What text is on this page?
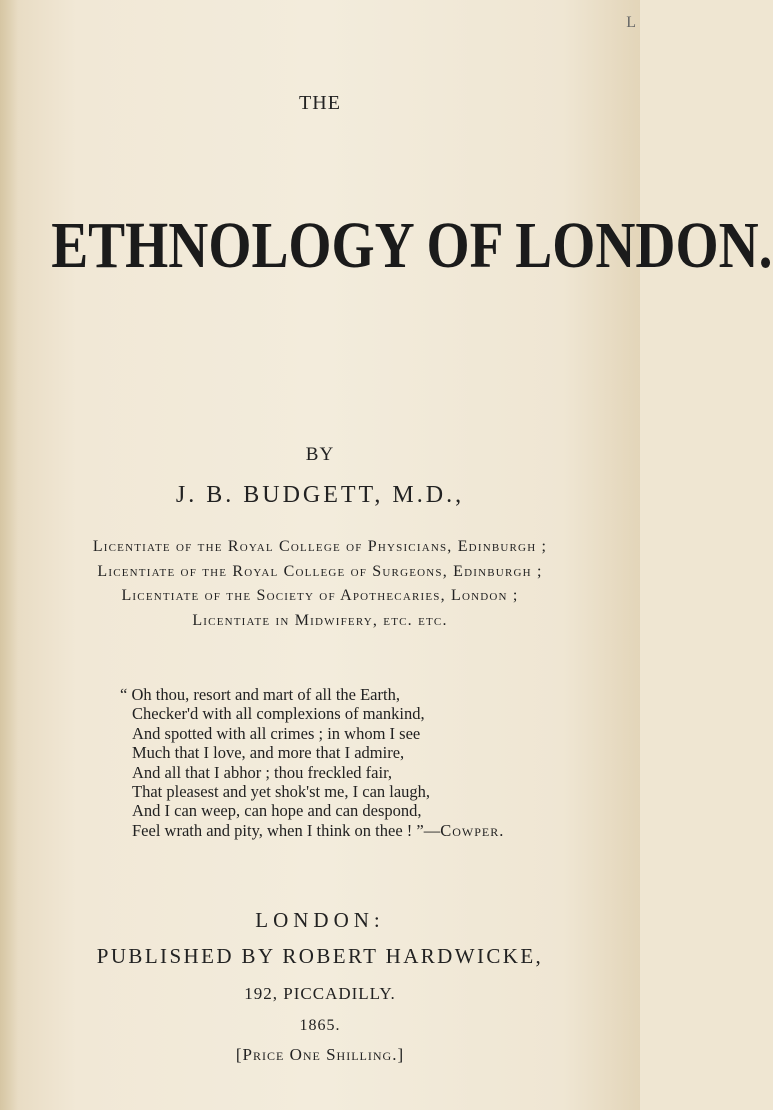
L
THE
ETHNOLOGY OF LONDON.
BY
J. B. BUDGETT, M.D.,
Licentiate of the Royal College of Physicians, Edinburgh ;
Licentiate of the Royal College of Surgeons, Edinburgh ;
Licentiate of the Society of Apothecaries, London ;
Licentiate in Midwifery, etc. etc.
“ Oh thou, resort and mart of all the Earth,
Checker'd with all complexions of mankind,
And spotted with all crimes ; in whom I see
Much that I love, and more that I admire,
And all that I abhor ; thou freckled fair,
That pleasest and yet shok'st me, I can laugh,
And I can weep, can hope and can despond,
Feel wrath and pity, when I think on thee ! ”—Cowper.
LONDON:
PUBLISHED BY ROBERT HARDWICKE,
192, PICCADILLY.
1865.
[Price One Shilling.]
